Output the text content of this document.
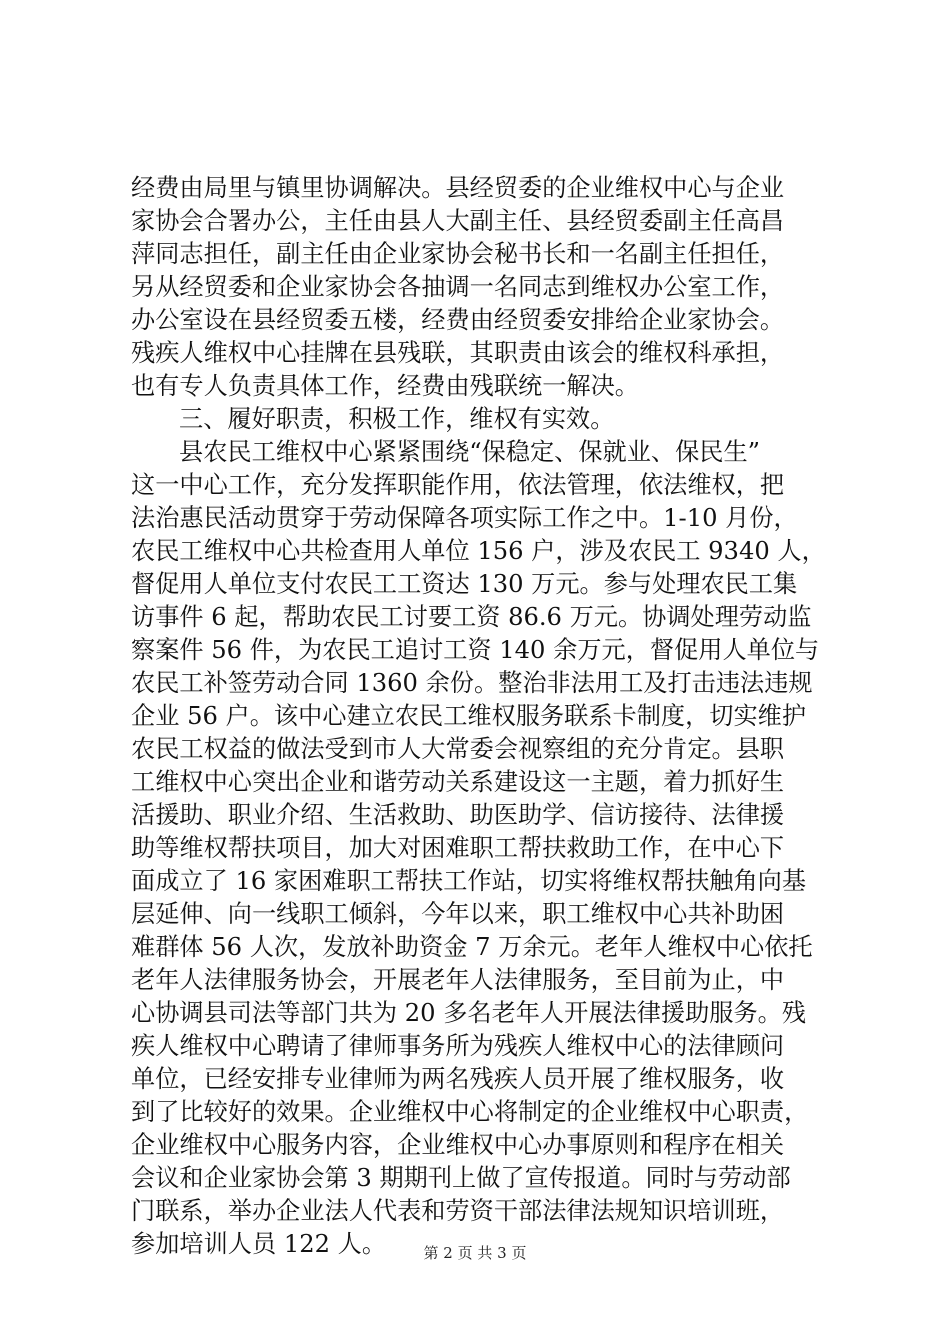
经费由局里与镇里协调解决。县经贸委的企业维权中心与企业
家协会合署办公，主任由县人大副主任、县经贸委副主任高昌
萍同志担任，副主任由企业家协会秘书长和一名副主任担任，
另从经贸委和企业家协会各抽调一名同志到维权办公室工作，
办公室设在县经贸委五楼，经费由经贸委安排给企业家协会。
残疾人维权中心挂牌在县残联，其职责由该会的维权科承担，
也有专人负责具体工作，经费由残联统一解决。
三、履好职责，积极工作，维权有实效。
县农民工维权中心紧紧围绕“保稳定、保就业、保民生”
这一中心工作，充分发挥职能作用，依法管理，依法维权，把
法治惠民活动贯穿于劳动保障各项实际工作之中。1-10 月份，
农民工维权中心共检查用人单位 156 户，涉及农民工 9340 人，
督促用人单位支付农民工工资达 130 万元。参与处理农民工集
访事件 6 起，帮助农民工讨要工资 86.6 万元。协调处理劳动监
察案件 56 件，为农民工追讨工资 140 余万元，督促用人单位与
农民工补签劳动合同 1360 余份。整治非法用工及打击违法违规
企业 56 户。该中心建立农民工维权服务联系卡制度，切实维护
农民工权益的做法受到市人大常委会视察组的充分肯定。县职
工维权中心突出企业和谐劳动关系建设这一主题，着力抓好生
活援助、职业介绍、生活救助、助医助学、信访接待、法律援
助等维权帮扶项目，加大对困难职工帮扶救助工作，在中心下
面成立了 16 家困难职工帮扶工作站，切实将维权帮扶触角向基
层延伸、向一线职工倾斜，今年以来，职工维权中心共补助困
难群体 56 人次，发放补助资金 7 万余元。老年人维权中心依托
老年人法律服务协会，开展老年人法律服务，至目前为止，中
心协调县司法等部门共为 20 多名老年人开展法律援助服务。残
疾人维权中心聘请了律师事务所为残疾人维权中心的法律顾问
单位，已经安排专业律师为两名残疾人员开展了维权服务，收
到了比较好的效果。企业维权中心将制定的企业维权中心职责，
企业维权中心服务内容，企业维权中心办事原则和程序在相关
会议和企业家协会第 3 期期刊上做了宣传报道。同时与劳动部
门联系，举办企业法人代表和劳资干部法律法规知识培训班，
参加培训人员 122 人。	第 2 页 共 3 页
